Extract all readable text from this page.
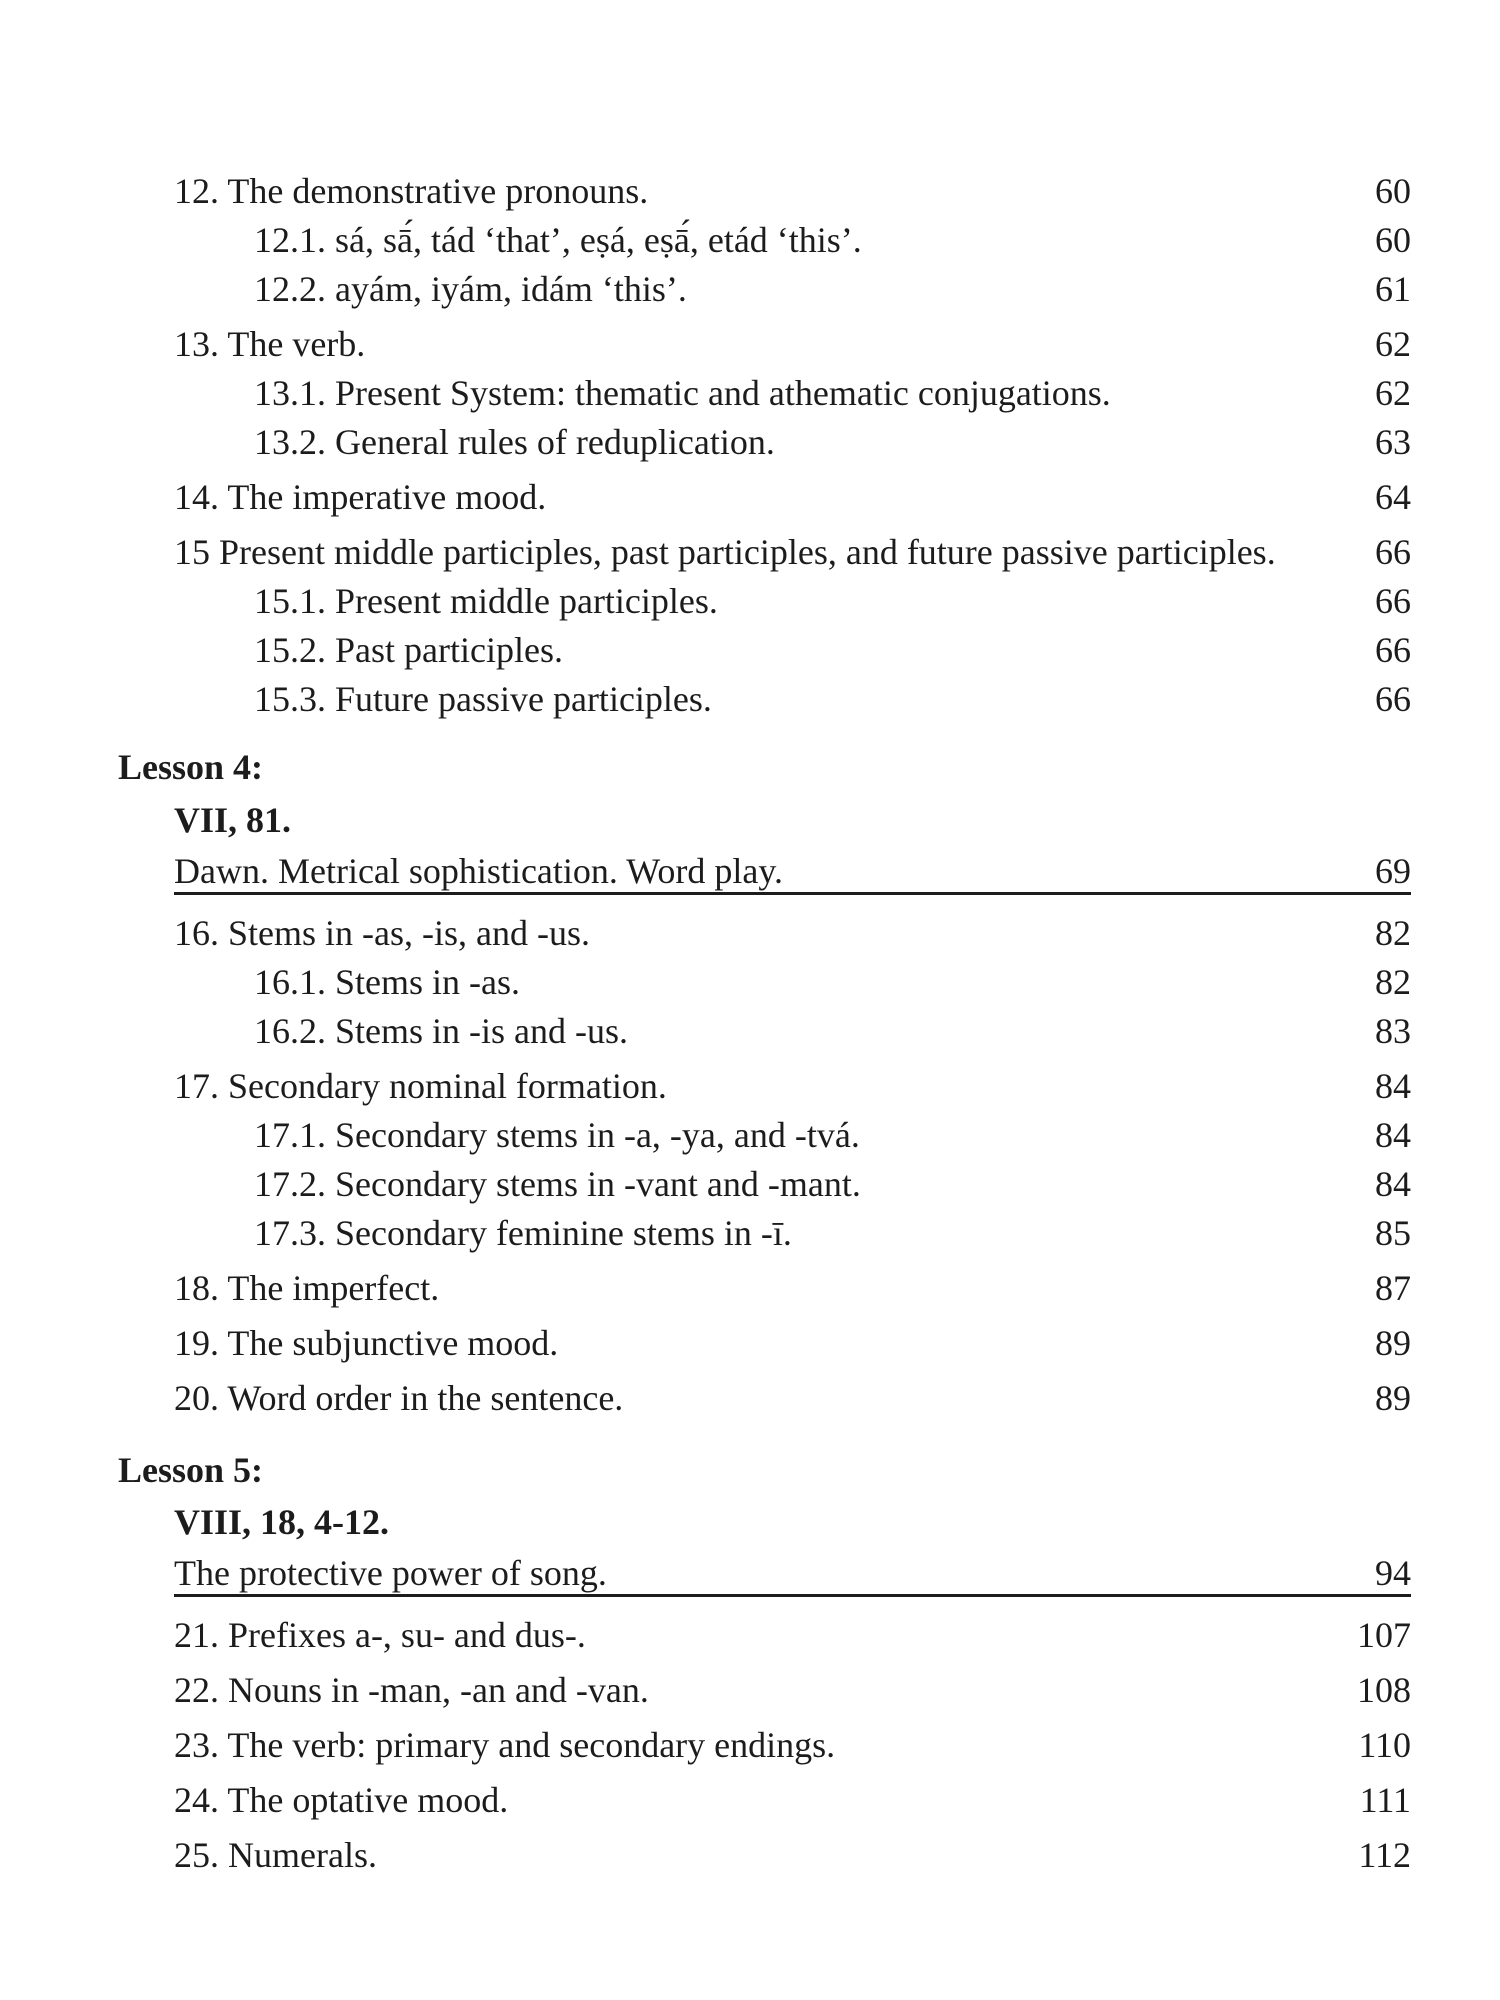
12. The demonstrative pronouns.	60
12.1. sá, sā́, tád ‘that’, eṣá, eṣā́, etád ‘this’.	60
12.2. ayám, iyám, idám ‘this’.	61
13. The verb.	62
13.1. Present System: thematic and athematic conjugations.	62
13.2. General rules of reduplication.	63
14. The imperative mood.	64
15 Present middle participles, past participles, and future passive participles.	66
15.1. Present middle participles.	66
15.2. Past participles.	66
15.3. Future passive participles.	66
Lesson 4:
VII, 81.
Dawn. Metrical sophistication. Word play.	69
16. Stems in -as, -is, and -us.	82
16.1. Stems in -as.	82
16.2. Stems in -is and -us.	83
17. Secondary nominal formation.	84
17.1. Secondary stems in -a, -ya, and -tvá.	84
17.2. Secondary stems in -vant and -mant.	84
17.3. Secondary feminine stems in -ī.	85
18. The imperfect.	87
19. The subjunctive mood.	89
20. Word order in the sentence.	89
Lesson 5:
VIII, 18, 4-12.
The protective power of song.	94
21. Prefixes a-, su- and dus-.	107
22. Nouns in -man, -an and -van.	108
23. The verb: primary and secondary endings.	110
24. The optative mood.	111
25. Numerals.	112
